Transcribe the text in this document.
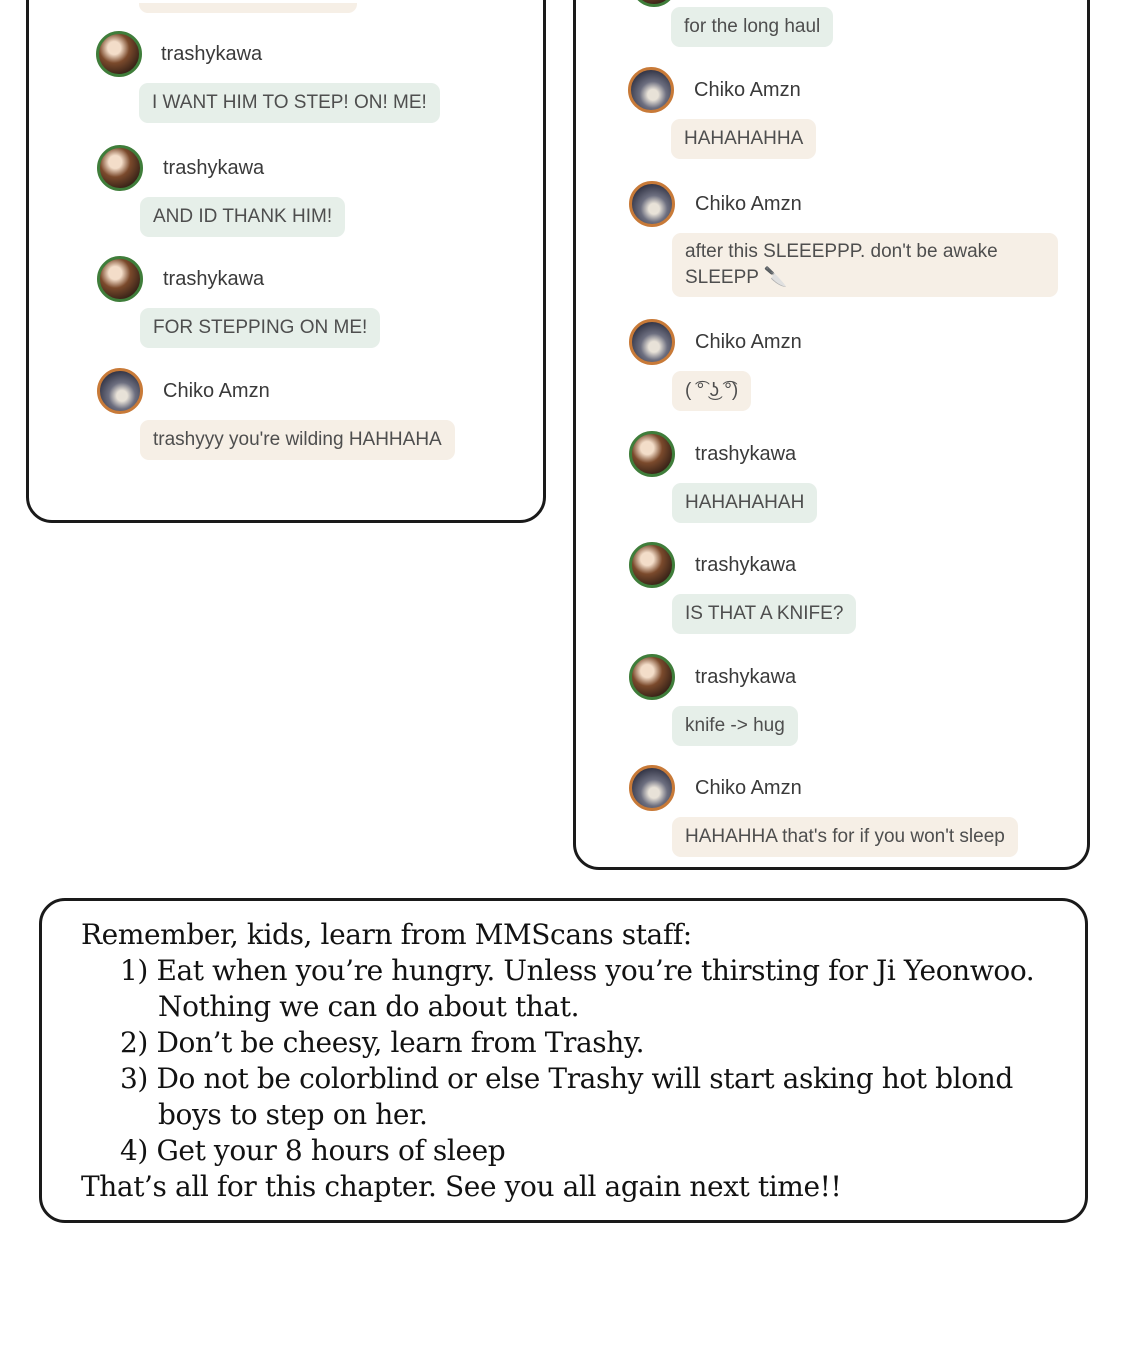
trashykawa
I WANT HIM TO STEP! ON! ME!
trashykawa
AND ID THANK HIM!
trashykawa
FOR STEPPING ON ME!
Chiko Amzn
trashyyy you're wilding HAHHAHA
for the long haul
Chiko Amzn
HAHAHAHHA
Chiko Amzn
after this SLEEEPPP. don't be awake SLEEPP 🔪
Chiko Amzn
( ͡° ͜ʖ ͡°)
trashykawa
HAHAHAHAH
trashykawa
IS THAT A KNIFE?
trashykawa
knife -> hug
Chiko Amzn
HAHAHHA that's for if you won't sleep
Remember, kids, learn from MMScans staff:
1) Eat when you’re hungry. Unless you’re thirsting for Ji Yeonwoo.
Nothing we can do about that.
2) Don’t be cheesy, learn from Trashy.
3) Do not be colorblind or else Trashy will start asking hot blond
boys to step on her.
4) Get your 8 hours of sleep
That’s all for this chapter. See you all again next time!!
